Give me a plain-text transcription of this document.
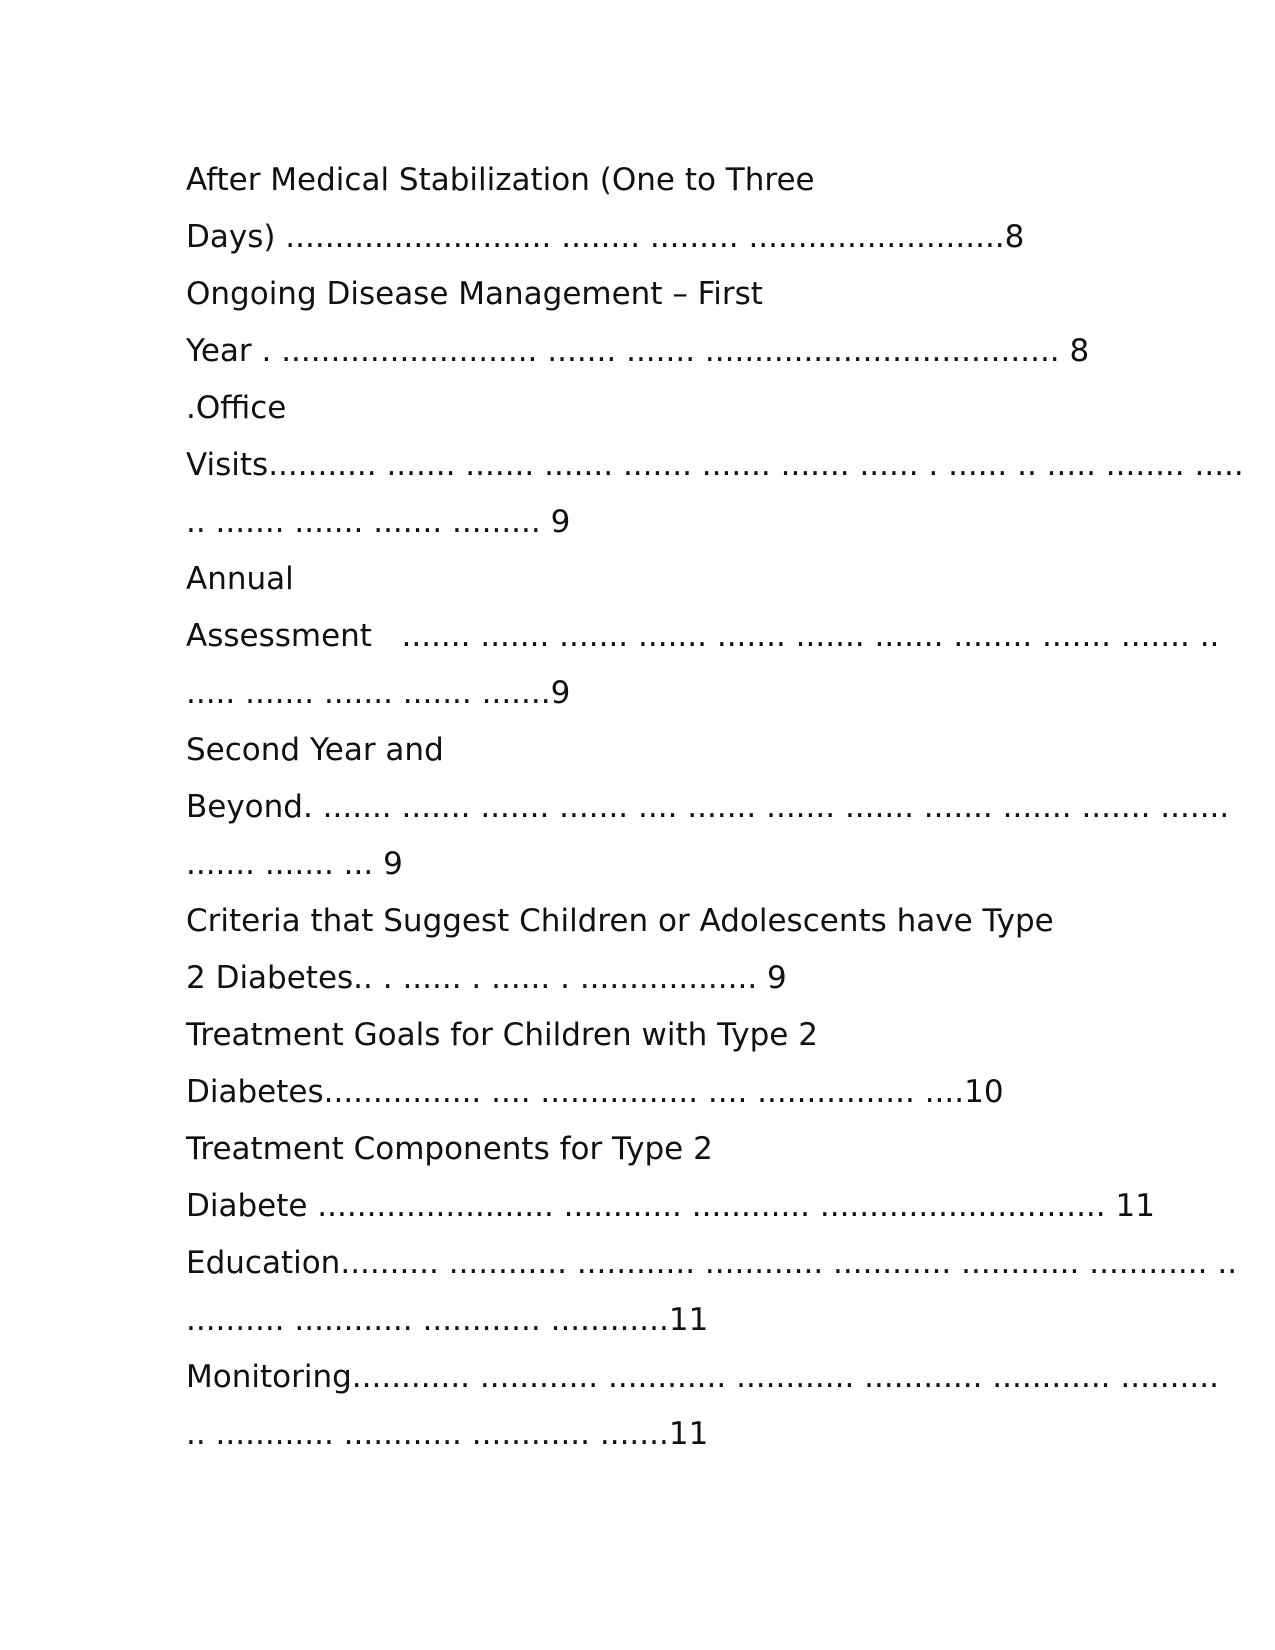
After Medical Stabilization (One to Three
Days) ........................... ........ ......... ..........................8
Ongoing Disease Management – First
Year . .......................... ....... ....... .................................... 8
.Office
Visits........... ....... ....... ....... ....... ....... ....... ...... . ...... .. ..... ........ .....
.. ....... ....... ....... ......... 9
Annual
Assessment   ....... ....... ....... ....... ....... ....... ....... ........ ....... ....... ..
..... ....... ....... ....... .......9
Second Year and
Beyond. ....... ....... ....... ....... .... ....... ....... ....... ....... ....... ....... .......
....... ....... ... 9
Criteria that Suggest Children or Adolescents have Type
2 Diabetes.. . ...... . ...... . .................. 9
Treatment Goals for Children with Type 2
Diabetes................ .... ................ .... ................ ....10
Treatment Components for Type 2
Diabete ........................ ............ ............ ............................. 11
Education.......... ............ ............ ............ ............ ............ ............ ..
.......... ............ ............ ............11
Monitoring............ ............ ............ ............ ............ ............ ..........
.. ............ ............ ............ .......11
